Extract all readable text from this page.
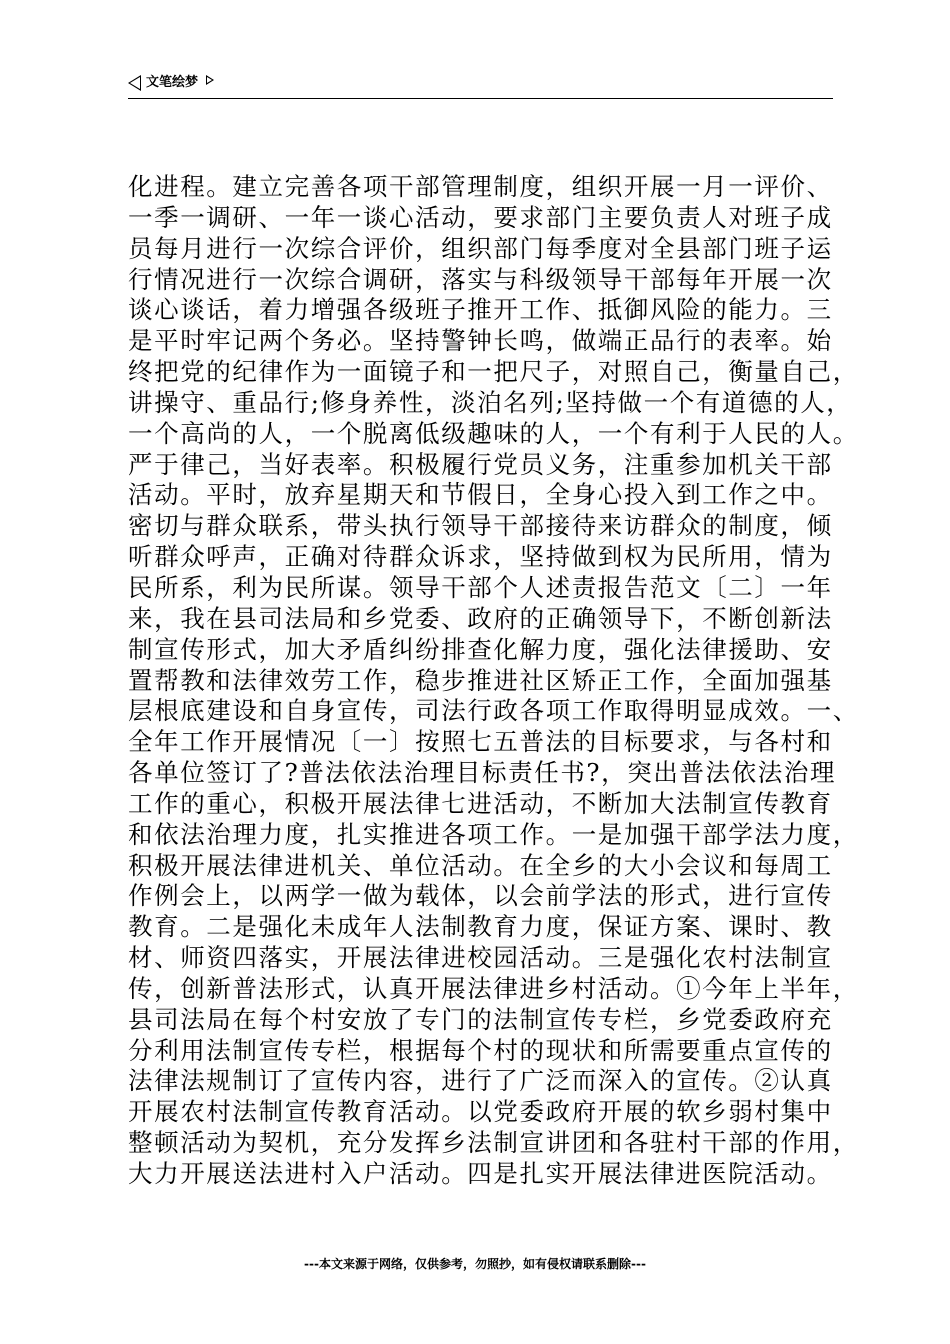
文笔绘梦
化进程。建立完善各项干部管理制度，组织开展一月一评价、
一季一调研、一年一谈心活动，要求部门主要负责人对班子成
员每月进行一次综合评价，组织部门每季度对全县部门班子运
行情况进行一次综合调研，落实与科级领导干部每年开展一次
谈心谈话，着力增强各级班子推开工作、抵御风险的能力。三
是平时牢记两个务必。坚持警钟长鸣，做端正品行的表率。始
终把党的纪律作为一面镜子和一把尺子，对照自己，衡量自己，
讲操守、重品行;修身养性，淡泊名列;坚持做一个有道德的人，
一个高尚的人，一个脱离低级趣味的人，一个有利于人民的人。
严于律己，当好表率。积极履行党员义务，注重参加机关干部
活动。平时，放弃星期天和节假日，全身心投入到工作之中。
密切与群众联系，带头执行领导干部接待来访群众的制度，倾
听群众呼声，正确对待群众诉求，坚持做到权为民所用，情为
民所系，利为民所谋。领导干部个人述责报告范文〔二〕一年
来，我在县司法局和乡党委、政府的正确领导下，不断创新法
制宣传形式，加大矛盾纠纷排查化解力度，强化法律援助、安
置帮教和法律效劳工作，稳步推进社区矫正工作，全面加强基
层根底建设和自身宣传，司法行政各项工作取得明显成效。一、
全年工作开展情况〔一〕按照七五普法的目标要求，与各村和
各单位签订了?普法依法治理目标责任书?，突出普法依法治理
工作的重心，积极开展法律七进活动，不断加大法制宣传教育
和依法治理力度，扎实推进各项工作。一是加强干部学法力度，
积极开展法律进机关、单位活动。在全乡的大小会议和每周工
作例会上，以两学一做为载体，以会前学法的形式，进行宣传
教育。二是强化未成年人法制教育力度，保证方案、课时、教
材、师资四落实，开展法律进校园活动。三是强化农村法制宣
传，创新普法形式，认真开展法律进乡村活动。①今年上半年，
县司法局在每个村安放了专门的法制宣传专栏，乡党委政府充
分利用法制宣传专栏，根据每个村的现状和所需要重点宣传的
法律法规制订了宣传内容，进行了广泛而深入的宣传。②认真
开展农村法制宣传教育活动。以党委政府开展的软乡弱村集中
整顿活动为契机，充分发挥乡法制宣讲团和各驻村干部的作用，
大力开展送法进村入户活动。四是扎实开展法律进医院活动。
---本文来源于网络，仅供参考，勿照抄，如有侵权请联系删除---
